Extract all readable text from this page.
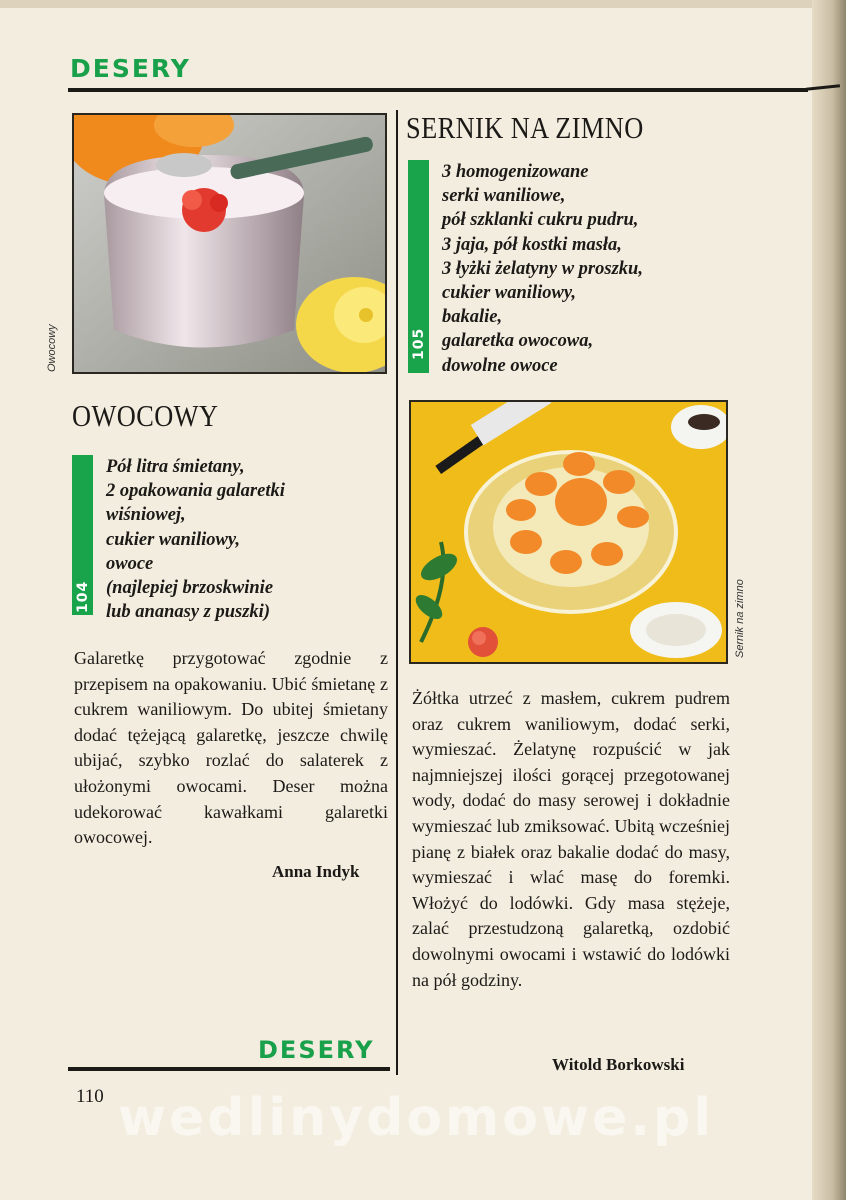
DESERY
Owocowy
OWOCOWY
104
Pół litra śmietany,
2 opakowania galaretki
wiśniowej,
cukier waniliowy,
owoce
(najlepiej brzoskwinie
lub ananasy z puszki)

Galaretkę przygotować zgodnie z przepisem na opakowaniu. Ubić śmietanę z cukrem waniliowym. Do ubitej śmietany dodać tężejącą galaretkę, jeszcze chwilę ubijać, szybko rozlać do salaterek z ułożonymi owocami. Deser można udekorować kawałkami galaretki owocowej.

Anna Indyk
DESERY
110
SERNIK NA ZIMNO
105
3 homogenizowane
serki waniliowe,
pół szklanki cukru pudru,
3 jaja, pół kostki masła,
3 łyżki żelatyny w proszku,
cukier waniliowy,
bakalie,
galaretka owocowa,
dowolne owoce
Sernik na zimno

Żółtka utrzeć z masłem, cukrem pudrem oraz cukrem waniliowym, dodać serki, wymieszać. Żelatynę rozpuścić w jak najmniejszej ilości gorącej przegotowanej wody, dodać do masy serowej i dokładnie wymieszać lub zmiksować. Ubitą wcześniej pianę z białek oraz bakalie dodać do masy, wymieszać i wlać masę do foremki. Włożyć do lodówki. Gdy masa stężeje, zalać przestudzoną galaretką, ozdobić dowolnymi owocami i wstawić do lodówki na pół godziny.

Witold Borkowski
wedlinydomowe.pl
